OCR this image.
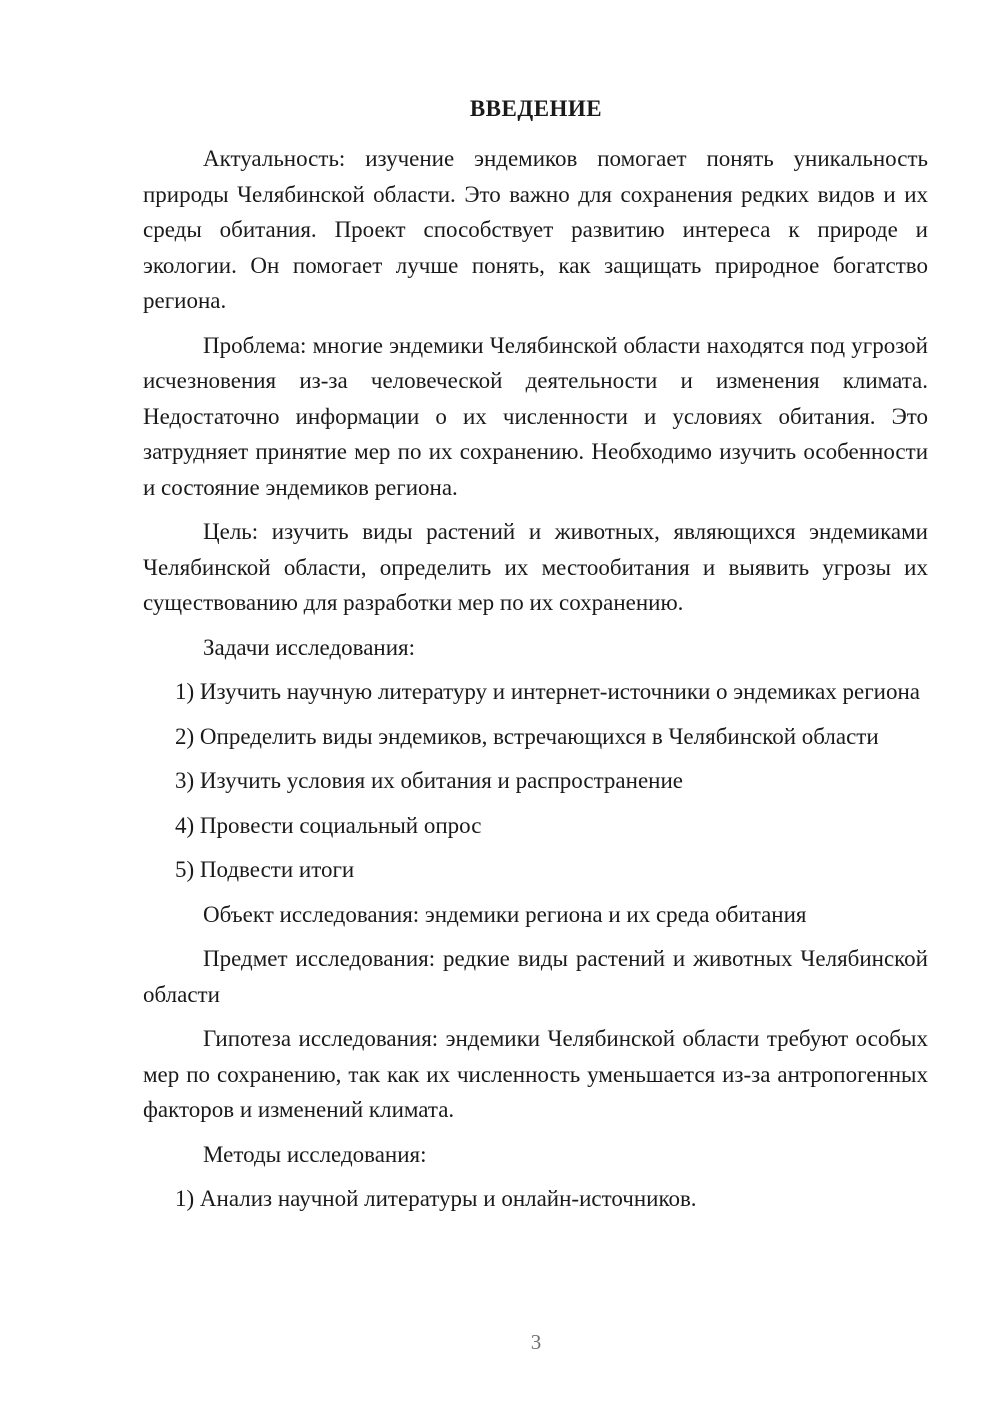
ВВЕДЕНИЕ

Актуальность: изучение эндемиков помогает понять уникальность природы Челябинской области. Это важно для сохранения редких видов и их среды обитания. Проект способствует развитию интереса к природе и экологии. Он помогает лучше понять, как защищать природное богатство региона.

Проблема: многие эндемики Челябинской области находятся под угрозой исчезновения из-за человеческой деятельности и изменения климата. Недостаточно информации о их численности и условиях обитания. Это затрудняет принятие мер по их сохранению. Необходимо изучить особенности и состояние эндемиков региона.

Цель: изучить виды растений и животных, являющихся эндемиками Челябинской области, определить их местообитания и выявить угрозы их существованию для разработки мер по их сохранению.

Задачи исследования:

1) Изучить научную литературу и интернет-источники о эндемиках региона

2) Определить виды эндемиков, встречающихся в Челябинской области

3) Изучить условия их обитания и распространение

4) Провести социальный опрос

5) Подвести итоги

Объект исследования: эндемики региона и их среда обитания

Предмет исследования: редкие виды растений и животных Челябинской области

Гипотеза исследования: эндемики Челябинской области требуют особых мер по сохранению, так как их численность уменьшается из-за антропогенных факторов и изменений климата.

Методы исследования:

1) Анализ научной литературы и онлайн-источников.

3
